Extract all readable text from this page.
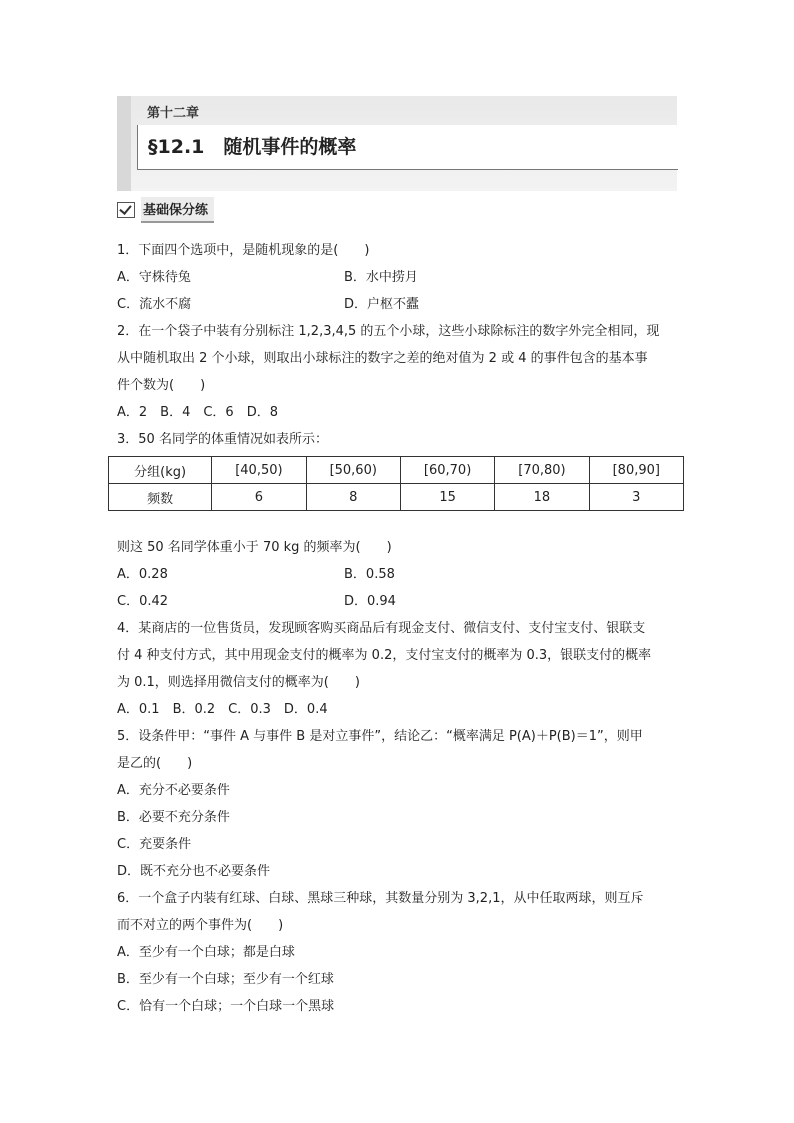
第十二章
§12.1　随机事件的概率
基础保分练
1．下面四个选项中，是随机现象的是(　　)
A．守株待兔	B．水中捞月
C．流水不腐	D．户枢不蠹
2．在一个袋子中装有分别标注 1,2,3,4,5 的五个小球，这些小球除标注的数字外完全相同，现
从中随机取出 2 个小球，则取出小球标注的数字之差的绝对值为 2 或 4 的事件包含的基本事
件个数为(　　)
A．2　B．4　C．6　D．8
3．50 名同学的体重情况如表所示：
分组(kg)	[40,50)	[50,60)	[60,70)	[70,80)	[80,90]
频数	6	8	15	18	3
则这 50 名同学体重小于 70 kg 的频率为(　　)
A．0.28	B．0.58
C．0.42	D．0.94
4．某商店的一位售货员，发现顾客购买商品后有现金支付、微信支付、支付宝支付、银联支
付 4 种支付方式，其中用现金支付的概率为 0.2，支付宝支付的概率为 0.3，银联支付的概率
为 0.1，则选择用微信支付的概率为(　　)
A．0.1　B．0.2　C．0.3　D．0.4
5．设条件甲：“事件 A 与事件 B 是对立事件”，结论乙：“概率满足 P(A)＋P(B)＝1”，则甲
是乙的(　　)
A．充分不必要条件
B．必要不充分条件
C．充要条件
D．既不充分也不必要条件
6．一个盒子内装有红球、白球、黑球三种球，其数量分别为 3,2,1，从中任取两球，则互斥
而不对立的两个事件为(　　)
A．至少有一个白球；都是白球
B．至少有一个白球；至少有一个红球
C．恰有一个白球；一个白球一个黑球
